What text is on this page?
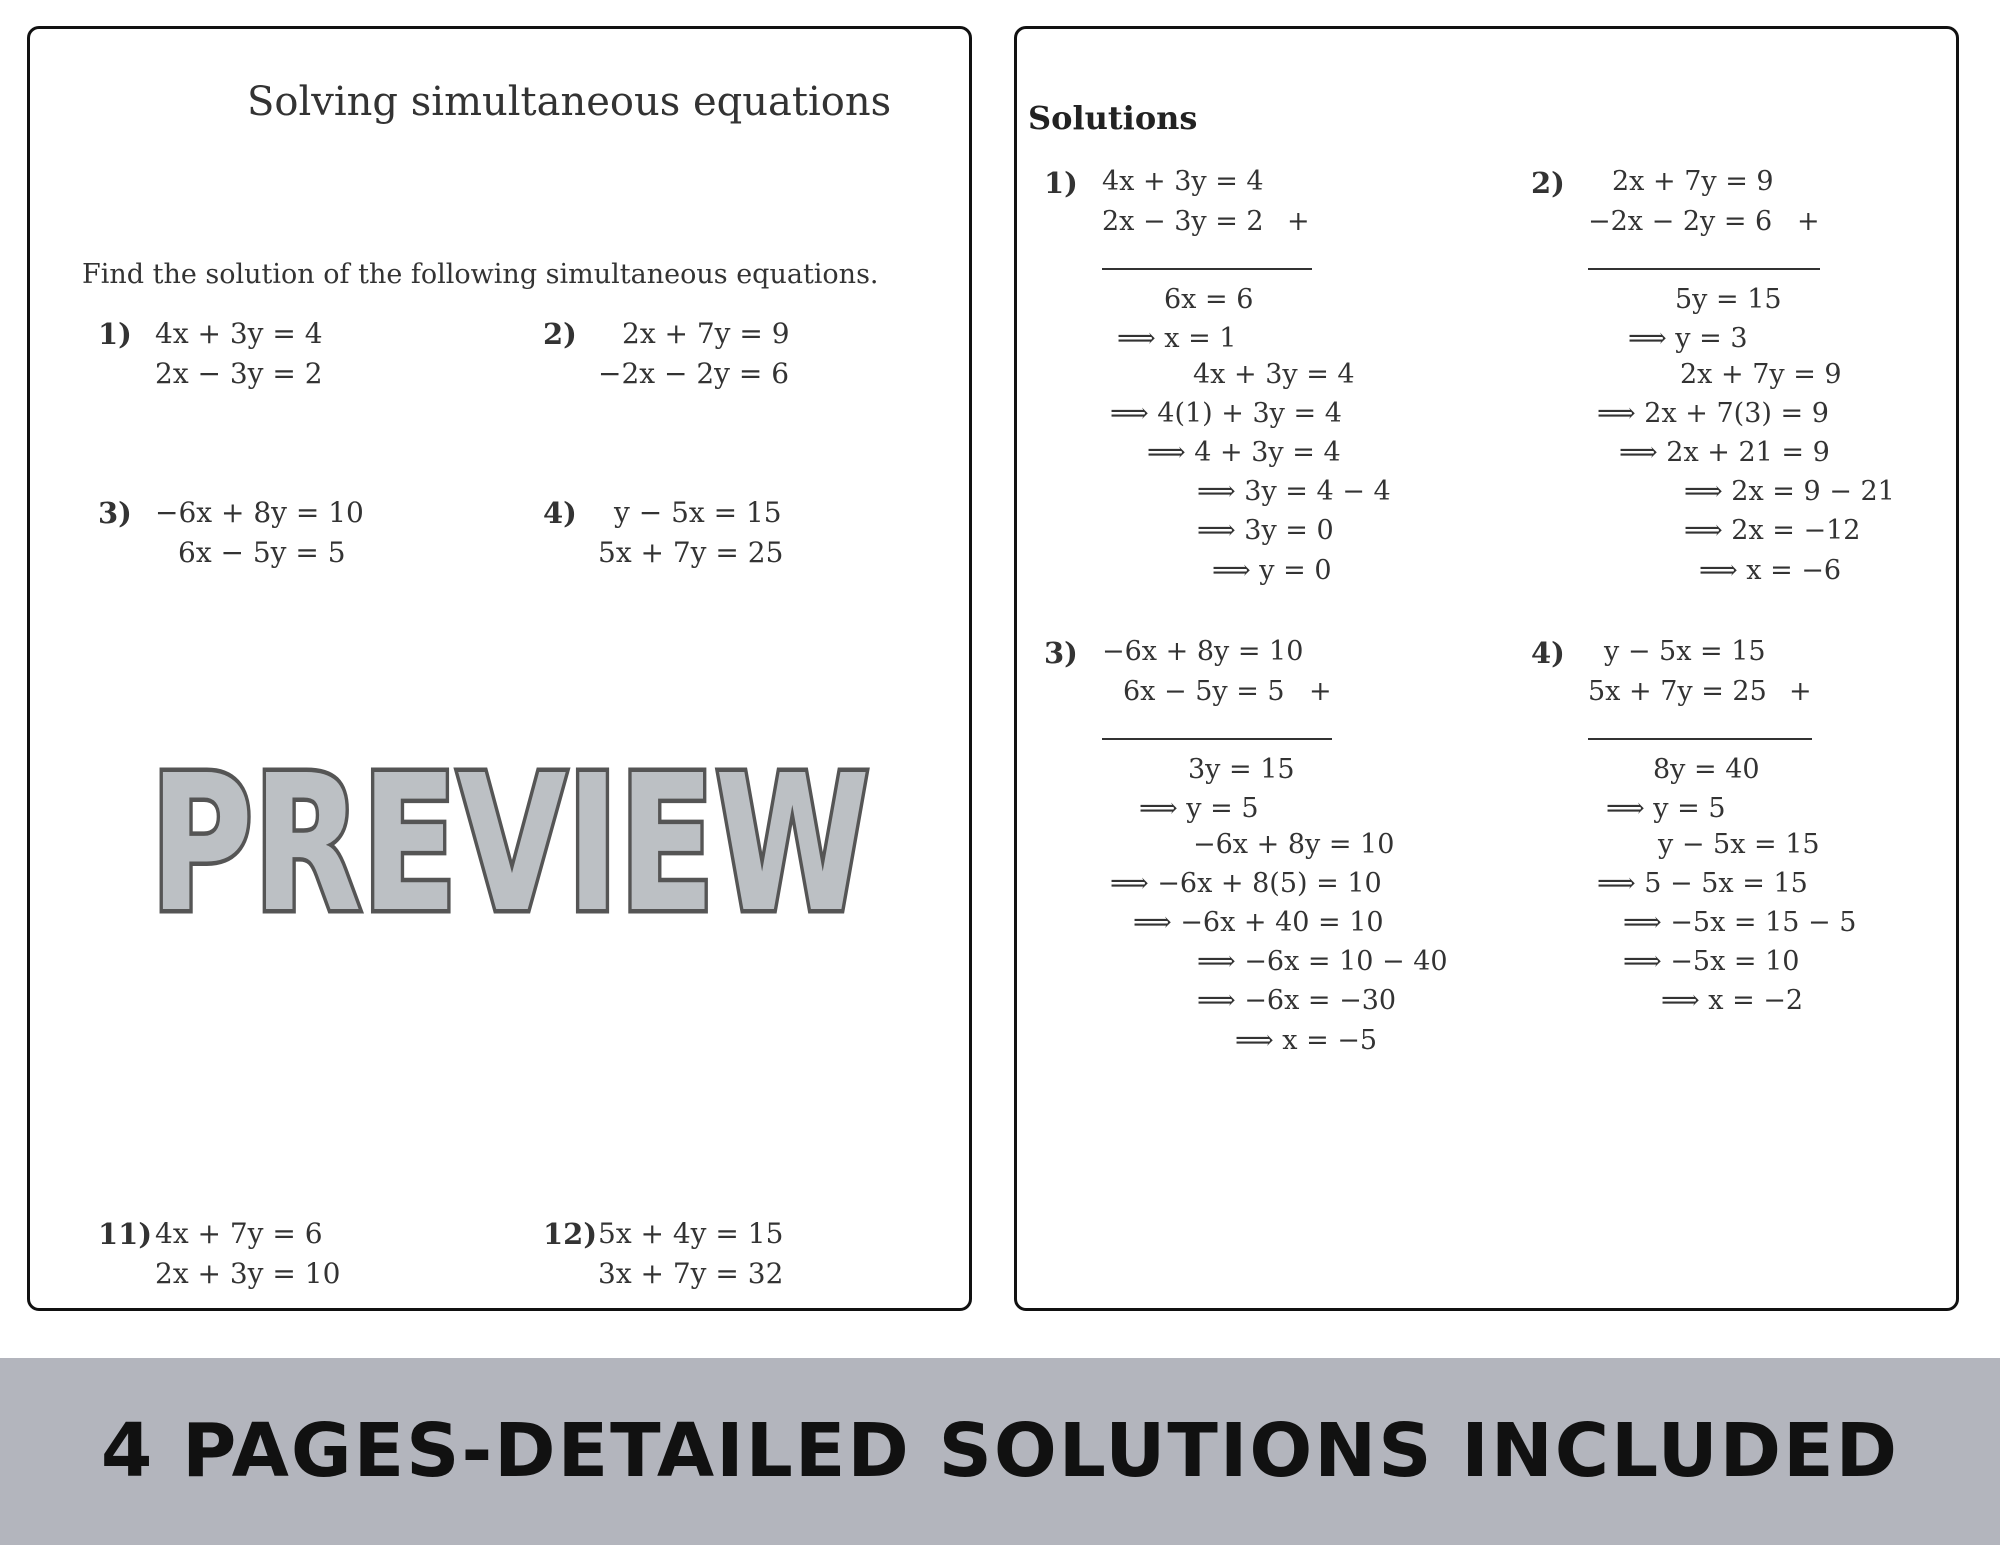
Solving simultaneous equations
Find the solution of the following simultaneous equations.
1) 4x + 3y = 4
2x − 3y = 2
2) 2x + 7y = 9
−2x − 2y = 6
3) −6x + 8y = 10
6x − 5y = 5
4) y − 5x = 15
5x + 7y = 25
11) 4x + 7y = 6
2x + 3y = 10
12) 5x + 4y = 15
3x + 7y = 32
PREVIEW
Solutions
1) 4x + 3y = 4
2x − 3y = 2 +
6x = 6
⟹ x = 1
4x + 3y = 4
⟹ 4(1) + 3y = 4
⟹ 4 + 3y = 4
⟹ 3y = 4 − 4
⟹ 3y = 0
⟹ y = 0
2) 2x + 7y = 9
−2x − 2y = 6 +
5y = 15
⟹ y = 3
2x + 7y = 9
⟹ 2x + 7(3) = 9
⟹ 2x + 21 = 9
⟹ 2x = 9 − 21
⟹ 2x = −12
⟹ x = −6
3) −6x + 8y = 10
6x − 5y = 5 +
3y = 15
⟹ y = 5
−6x + 8y = 10
⟹ −6x + 8(5) = 10
⟹ −6x + 40 = 10
⟹ −6x = 10 − 40
⟹ −6x = −30
⟹ x = −5
4) y − 5x = 15
5x + 7y = 25 +
8y = 40
⟹ y = 5
y − 5x = 15
⟹ 5 − 5x = 15
⟹ −5x = 15 − 5
⟹ −5x = 10
⟹ x = −2
4 PAGES-DETAILED SOLUTIONS INCLUDED
